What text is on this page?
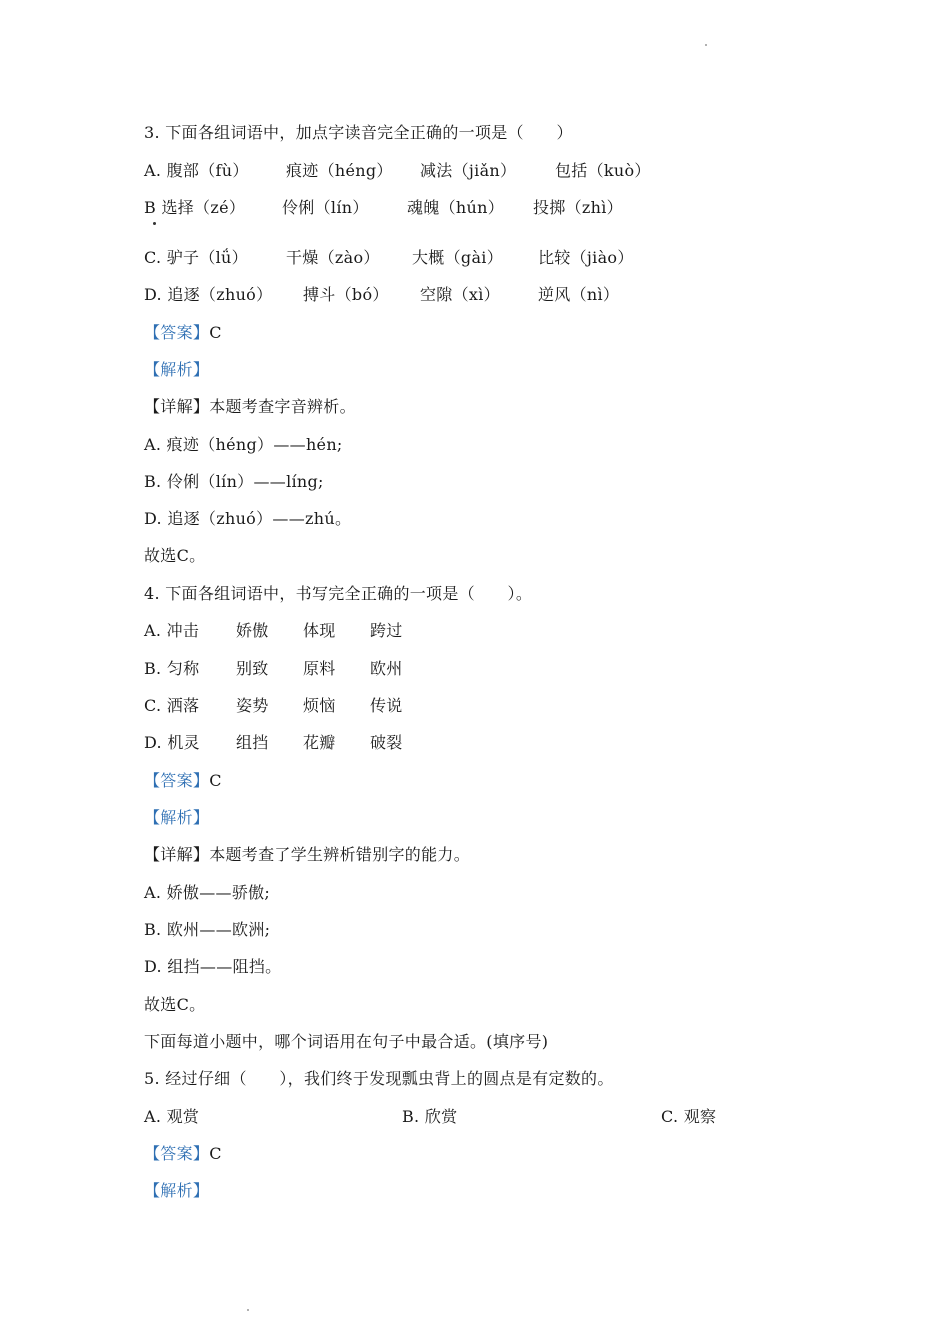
3. 下面各组词语中，加点字读音完全正确的一项是（　　）
A. 腹部（fù） 痕迹（héng） 减法（jiǎn） 包括（kuò）
B 选择（zé） 伶俐（lín） 魂魄（hún） 投掷（zhì）
C. 驴子（lǘ） 干燥（zào） 大概（gài） 比较（jiào）
D. 追逐（zhuó） 搏斗（bó） 空隙（xì） 逆风（nì）
【答案】C
【解析】
【详解】本题考查字音辨析。
A. 痕迹（héng）——hén;
B. 伶俐（lín）——líng;
D. 追逐（zhuó）——zhú。
故选C。
4. 下面各组词语中，书写完全正确的一项是（　　）。
A. 冲击 娇傲 体现 跨过
B. 匀称 别致 原料 欧州
C. 洒落 姿势 烦恼 传说
D. 机灵 组挡 花瓣 破裂
【答案】C
【解析】
【详解】本题考查了学生辨析错别字的能力。
A. 娇傲——骄傲;
B. 欧州——欧洲;
D. 组挡——阻挡。
故选C。
下面每道小题中，哪个词语用在句子中最合适。(填序号)
5. 经过仔细（　　），我们终于发现瓢虫背上的圆点是有定数的。
A. 观赏	B. 欣赏	C. 观察
【答案】C
【解析】
